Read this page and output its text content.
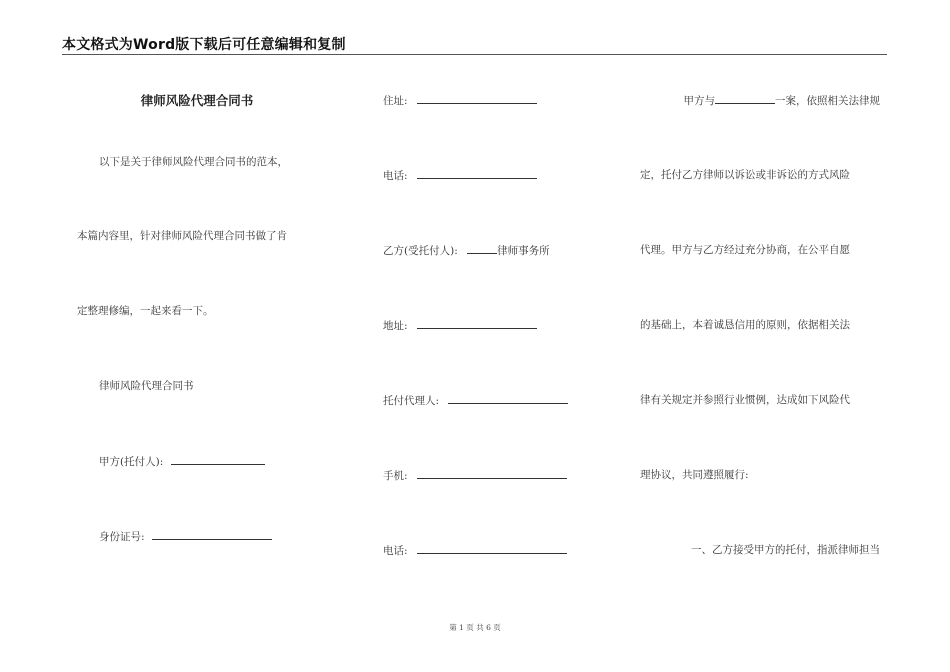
本文格式为Word版下载后可任意编辑和复制
律师风险代理合同书
以下是关于律师风险代理合同书的范本，
本篇内容里，针对律师风险代理合同书做了肯
定整理修编，一起来看一下。
律师风险代理合同书
甲方(托付人):
身份证号:
住址:
电话:
乙方(受托付人):	律师事务所
地址:
托付代理人:
手机:
电话:
甲方与	一案，依照相关法律规
定，托付乙方律师以诉讼或非诉讼的方式风险
代理。甲方与乙方经过充分协商，在公平自愿
的基础上，本着诚恳信用的原则，依据相关法
律有关规定并参照行业惯例，达成如下风险代
理协议，共同遵照履行:
一、乙方接受甲方的托付，指派律师担当
第 1 页 共 6 页
